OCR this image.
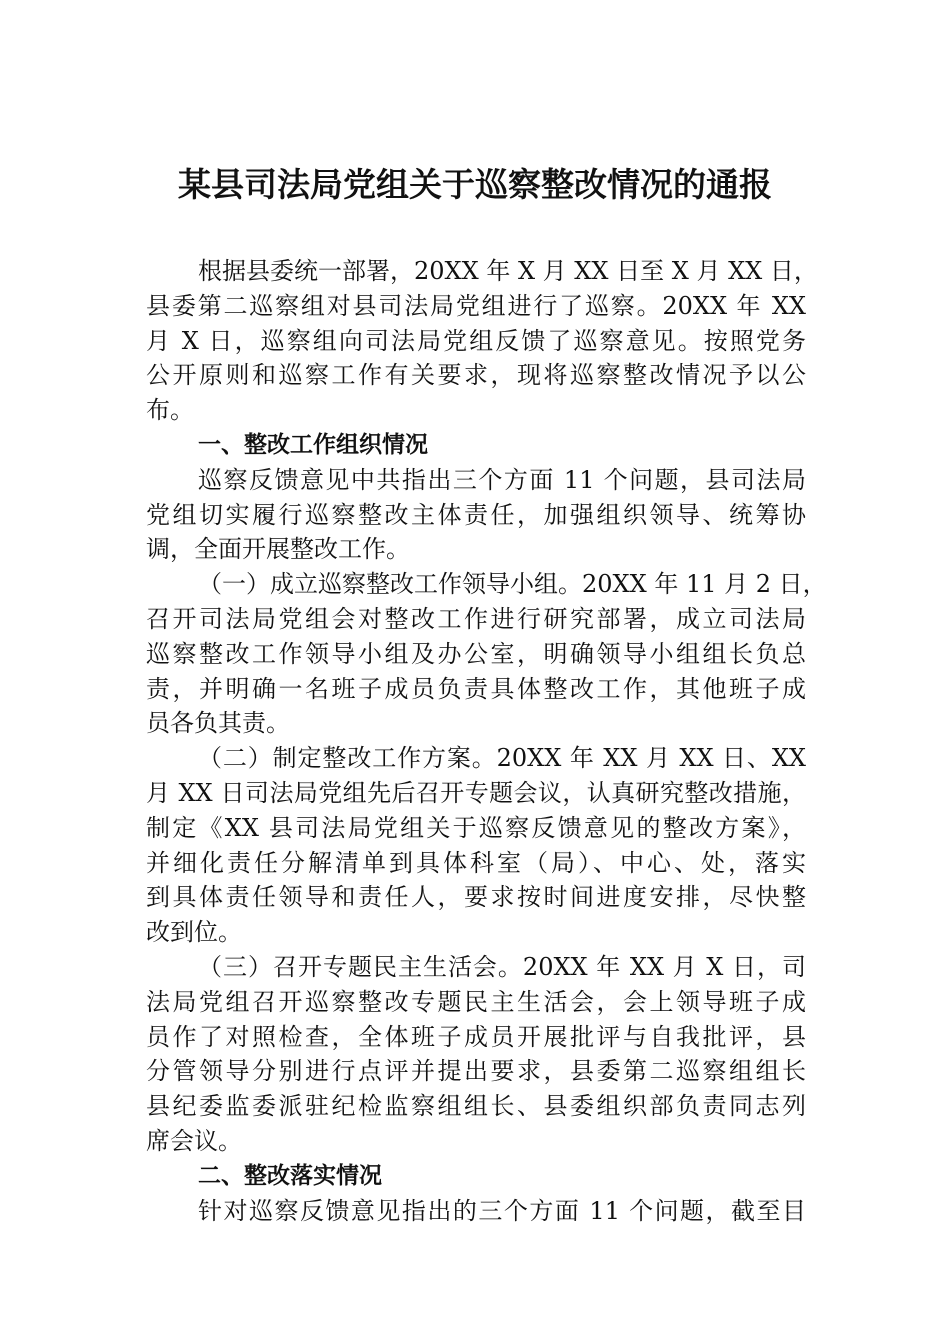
某县司法局党组关于巡察整改情况的通报
根据县委统一部署，20XX 年 X 月 XX 日至 X 月 XX 日，
县委第二巡察组对县司法局党组进行了巡察。20XX 年 XX
月 X 日，巡察组向司法局党组反馈了巡察意见。按照党务
公开原则和巡察工作有关要求，现将巡察整改情况予以公
布。
一、整改工作组织情况
巡察反馈意见中共指出三个方面 11 个问题，县司法局
党组切实履行巡察整改主体责任，加强组织领导、统筹协
调，全面开展整改工作。
（一）成立巡察整改工作领导小组。20XX 年 11 月 2 日，
召开司法局党组会对整改工作进行研究部署，成立司法局
巡察整改工作领导小组及办公室，明确领导小组组长负总
责，并明确一名班子成员负责具体整改工作，其他班子成
员各负其责。
（二）制定整改工作方案。20XX 年 XX 月 XX 日、XX
月 XX 日司法局党组先后召开专题会议，认真研究整改措施，
制定《XX 县司法局党组关于巡察反馈意见的整改方案》，
并细化责任分解清单到具体科室（局）、中心、处，落实
到具体责任领导和责任人，要求按时间进度安排，尽快整
改到位。
（三）召开专题民主生活会。20XX 年 XX 月 X 日，司
法局党组召开巡察整改专题民主生活会，会上领导班子成
员作了对照检查，全体班子成员开展批评与自我批评，县
分管领导分别进行点评并提出要求，县委第二巡察组组长
县纪委监委派驻纪检监察组组长、县委组织部负责同志列
席会议。
二、整改落实情况
针对巡察反馈意见指出的三个方面 11 个问题，截至目
